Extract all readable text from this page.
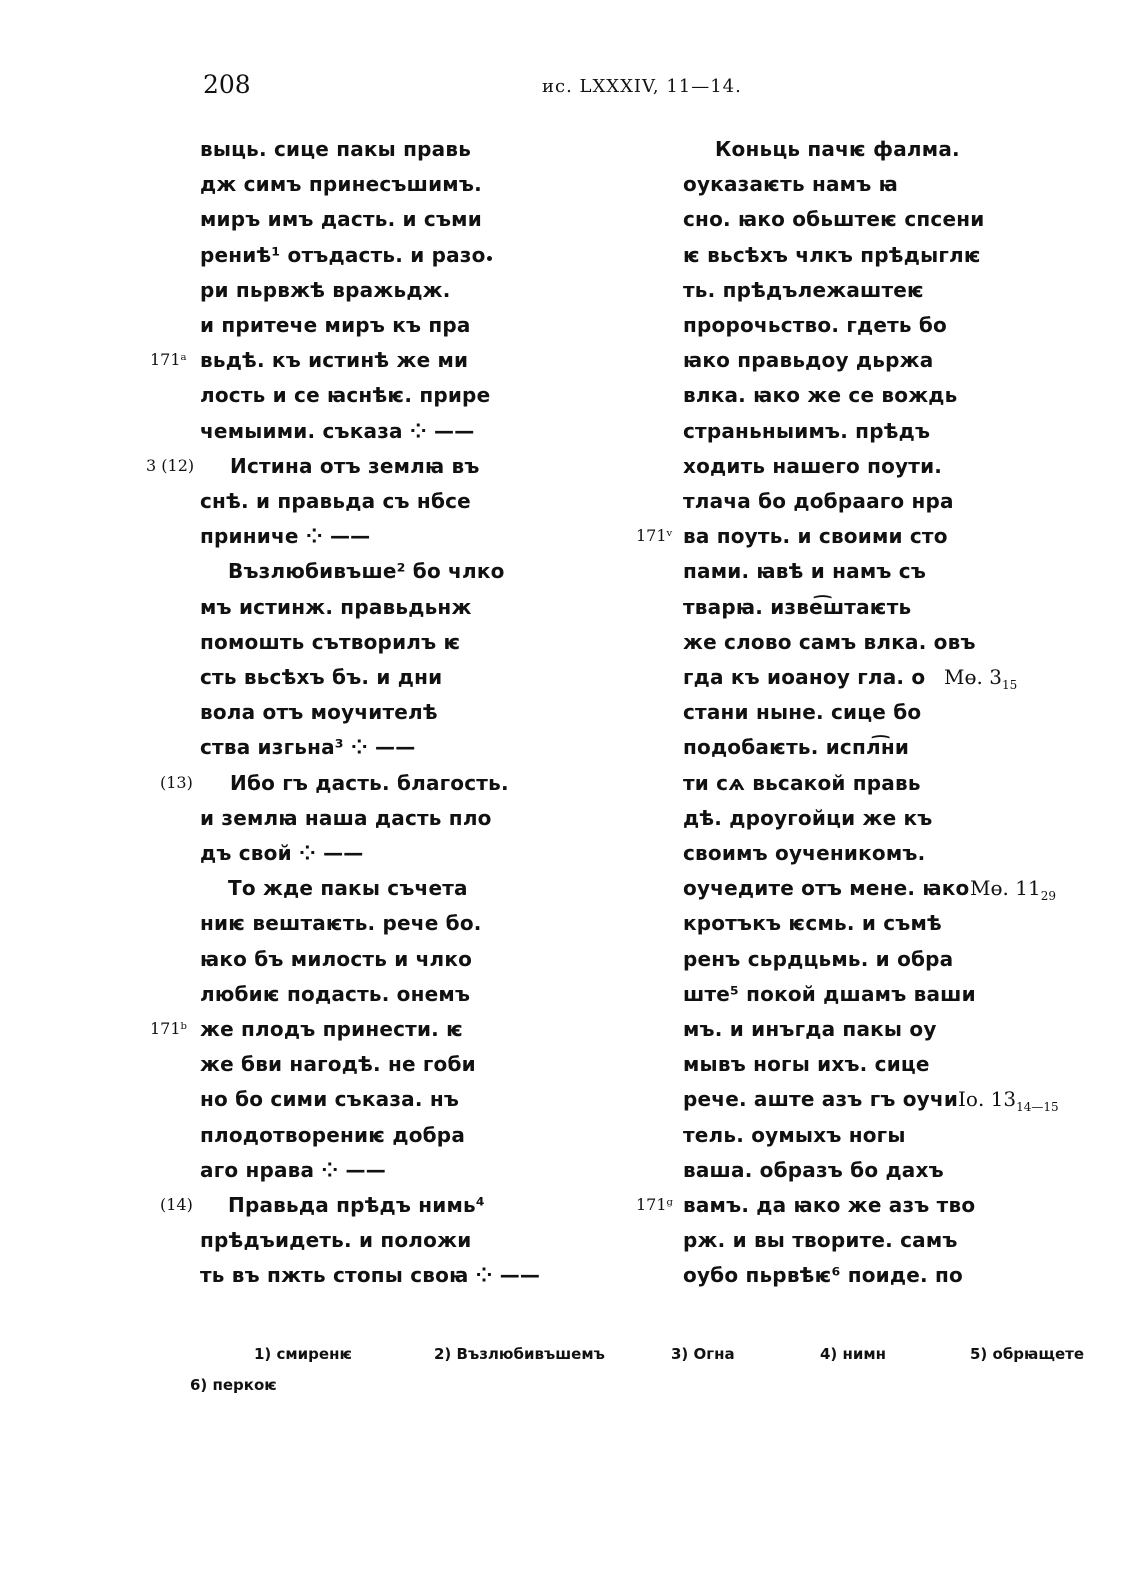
208	ис. LXXXIV, 11—14.
выць. сице пакы правь
дж симъ принесъшимъ.
миръ имъ дасть. и съми
рениѣ¹ отъдасть. и разо
ри пьрвжѣ вражьдж.
и притече миръ къ пра
вьдѣ. къ истинѣ же ми
лость и се ꙗснѣѥ. прире
чемыими. съказа ⁘ ——
Истина отъ землꙗ въ
снѣ. и правьда съ нбсе
приниче ⁘ ——
Възлюбивъше² бо члко
мъ истинж. правьдьнж
помошть сътворилъ ѥ
сть вьсѣхъ бъ. и дни
вола отъ моучителѣ
ства изгьна³ ⁘ ——
Ибо гъ дасть. благость.
и землꙗ наша дасть пло
дъ свой ⁘ ——
То жде пакы съчета
ниѥ вештаѥть. рече бо.
ꙗко бъ милость и члко
любиѥ подасть. онемъ
же плодъ принести. ѥ
же бви нагодѣ. не гоби
но бо сими съказа. нъ
плодотворениѥ добра
аго нрава ⁘ ——
Правьда прѣдъ нимь⁴
прѣдъидеть. и положи
ть въ пжть стопы своꙗ ⁘ ——
171ᵃ
3 (12)
(13)
171ᵇ
(14)
Коньць пачѥ фалма.
оуказаѥть намъ ꙗ
сно. ꙗко обьштеѥ спсени
ѥ вьсѣхъ члкъ прѣдыглѥ
ть. прѣдълежаштеѥ
пророчьство. гдеть бо
ꙗко правьдоу дьржа
влка. ꙗко же се вождь
страньныимъ. прѣдъ
ходить нашего поути.
тлача бо добрааго нра
ва поуть. и своими сто
пами. ꙗвѣ и намъ съ
тварꙗ. изве͡штаѥть
же слово самъ влка. овъ
гда къ иоаноу гла. о
стани ныне. сице бо
подобаѥть. испл͡ни
ти сѧ вьсакой правь
дѣ. дроугойци же къ
своимъ оученикомъ.
оучедите отъ мене. ꙗко
кротъкъ ѥсмь. и съмѣ
ренъ сьрдцьмь. и обра
ште⁵ покой дшамъ ваши
мъ. и инъгда пакы оу
мывъ ногы ихъ. сице
рече. аште азъ гъ оучи
тель. оумыхъ ногы
ваша. образъ бо дахъ
вамъ. да ꙗко же азъ тво
рж. и вы творите. самъ
оубо пьрвѣѥ⁶ поиде. по
171ᵛ
171ᵍ
Mө. $3_{15}$
Mө. $11_{29}$
Іо. $13_{14—15}$
1) смиренѥ	2) Възлюбивъшемъ	3) Огна	4) нимн	5) обрꙗщете
6) перкоѥ
